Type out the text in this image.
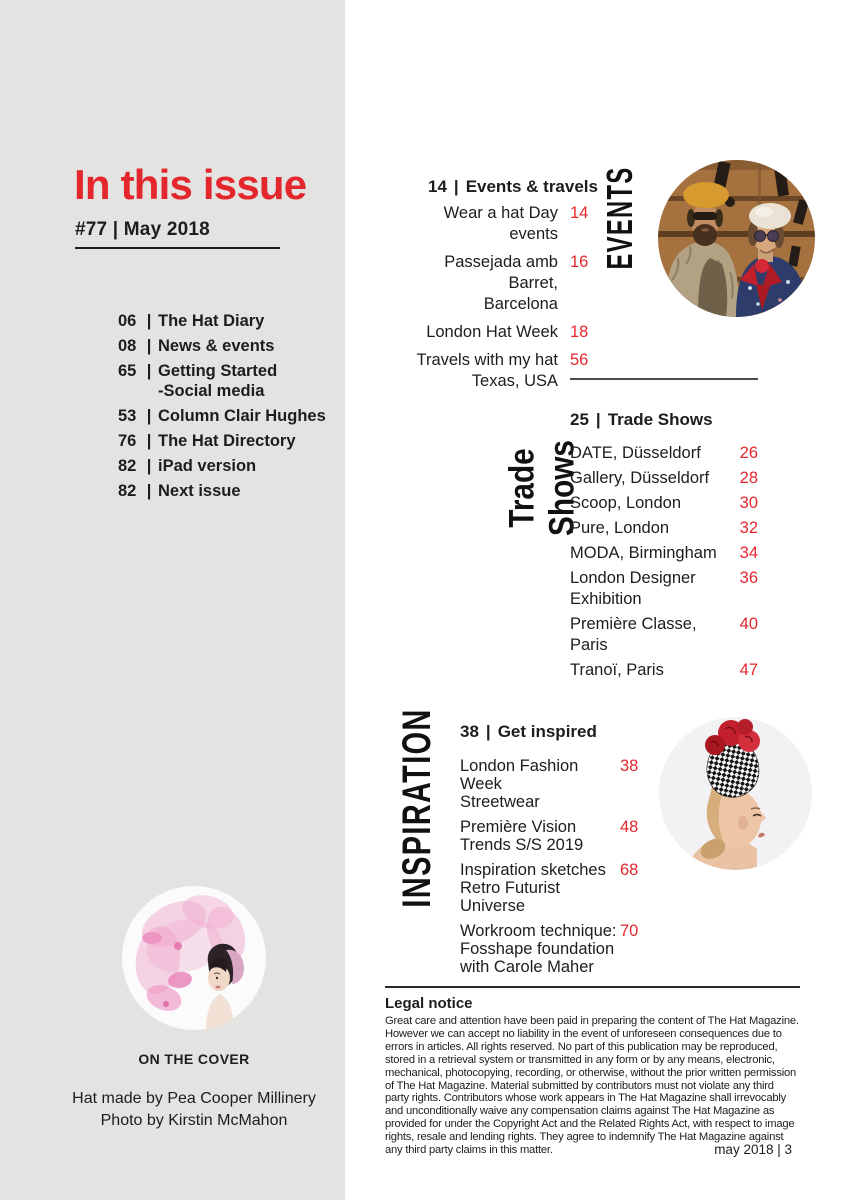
In this issue
#77 | May 2018
06 | The Hat Diary
08 | News & events
65 | Getting Started
-Social media
53 | Column Clair Hughes
76 | The Hat Directory
82 | iPad version
82 | Next issue
ON THE COVER
Hat made by Pea Cooper Millinery
Photo by Kirstin McMahon
EVENTS
14 | Events & travels
Wear a hat Day events
14
Passejada amb Barret,
Barcelona
16
London Hat Week 18
Travels with my hat
Texas, USA
56
Trade Shows
25 | Trade Shows
DATE, Düsseldorf	26
Gallery, Düsseldorf	28
Scoop, London	30
Pure, London	32
MODA, Birmingham	34
London Designer Exhibition
36
Première Classe, Paris
40
Tranoï, Paris	47
INSPIRATION 38 | Get inspired
London Fashion Week
Streetwear
38
Première Vision
Trends S/S 2019
48
Inspiration sketches
Retro Futurist Universe
68
Workroom technique:
Fosshape foundation
with Carole Maher
70
Legal notice
Great care and attention have been paid in preparing the content of The Hat Magazine. However we can accept no liability in the event of unforeseen consequences due to errors in articles. All rights reserved. No part of this publication may be reproduced, stored in a retrieval system or transmitted in any form or by any means, electronic, mechanical, photocopying, recording, or otherwise, without the prior written permission of The Hat Magazine. Material submitted by contributors must not violate any third party rights. Contributors whose work appears in The Hat Magazine shall irrevocably and unconditionally waive any compensation claims against The Hat Magazine as provided for under the Copyright Act and the Related Rights Act, with respect to image rights, resale and lending rights. They agree to indemnify The Hat Magazine against any third party claims in this matter.	may 2018 | 3
